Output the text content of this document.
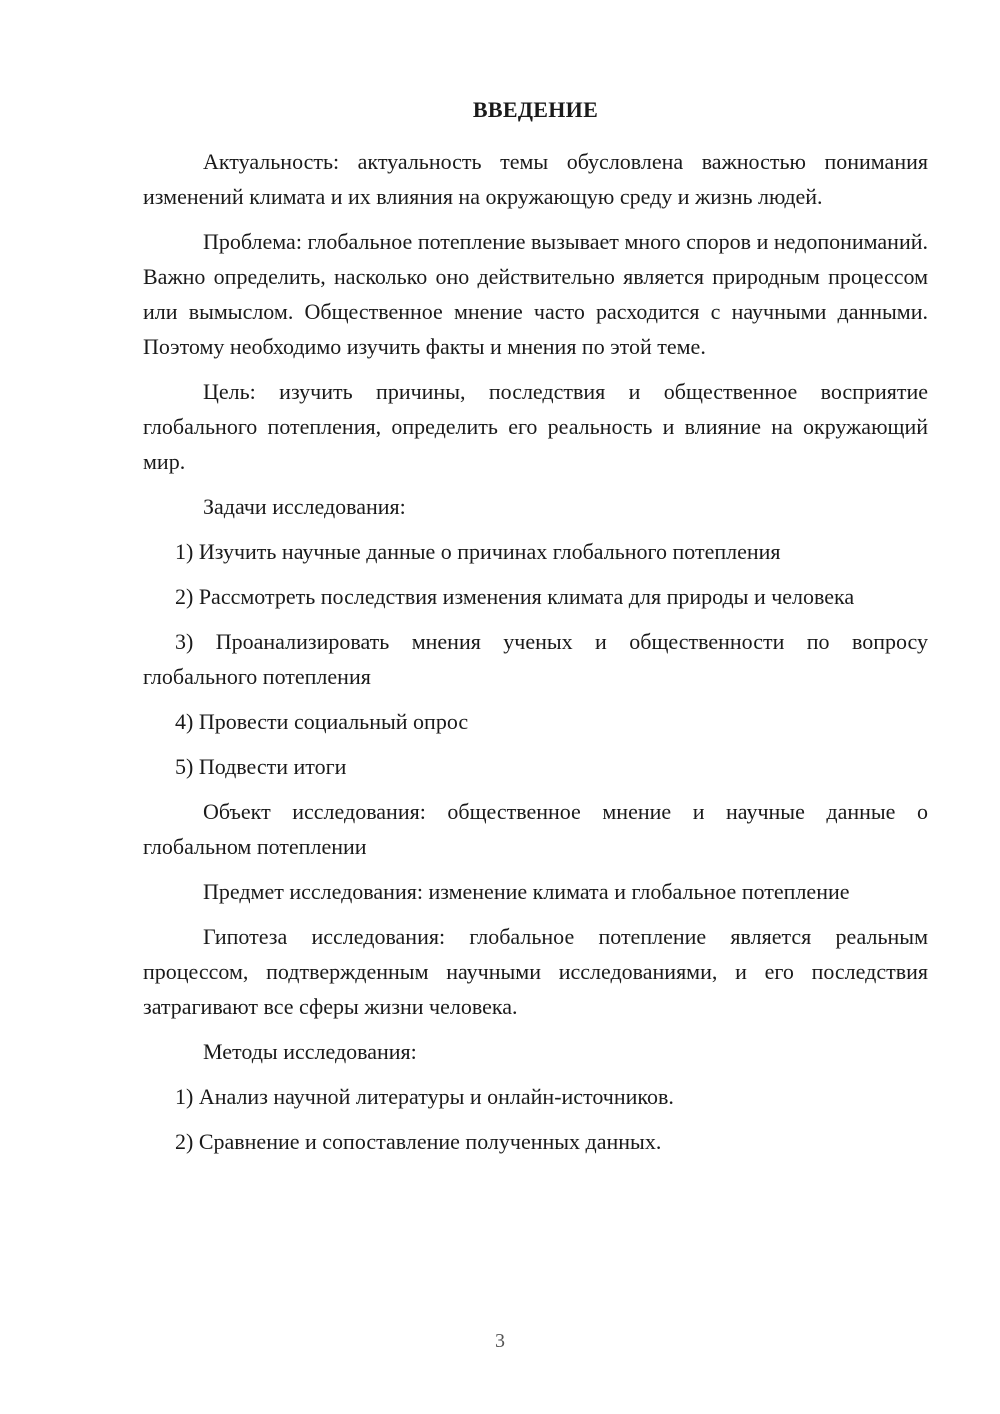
ВВЕДЕНИЕ

Актуальность: актуальность темы обусловлена важностью понимания изменений климата и их влияния на окружающую среду и жизнь людей.

Проблема: глобальное потепление вызывает много споров и недопониманий. Важно определить, насколько оно действительно является природным процессом или вымыслом. Общественное мнение часто расходится с научными данными. Поэтому необходимо изучить факты и мнения по этой теме.

Цель: изучить причины, последствия и общественное восприятие глобального потепления, определить его реальность и влияние на окружающий мир.

Задачи исследования:

1) Изучить научные данные о причинах глобального потепления

2) Рассмотреть последствия изменения климата для природы и человека

3) Проанализировать мнения ученых и общественности по вопросу глобального потепления

4) Провести социальный опрос

5) Подвести итоги

Объект исследования: общественное мнение и научные данные о глобальном потеплении

Предмет исследования: изменение климата и глобальное потепление

Гипотеза исследования: глобальное потепление является реальным процессом, подтвержденным научными исследованиями, и его последствия затрагивают все сферы жизни человека.

Методы исследования:

1) Анализ научной литературы и онлайн-источников.

2) Сравнение и сопоставление полученных данных.

3
